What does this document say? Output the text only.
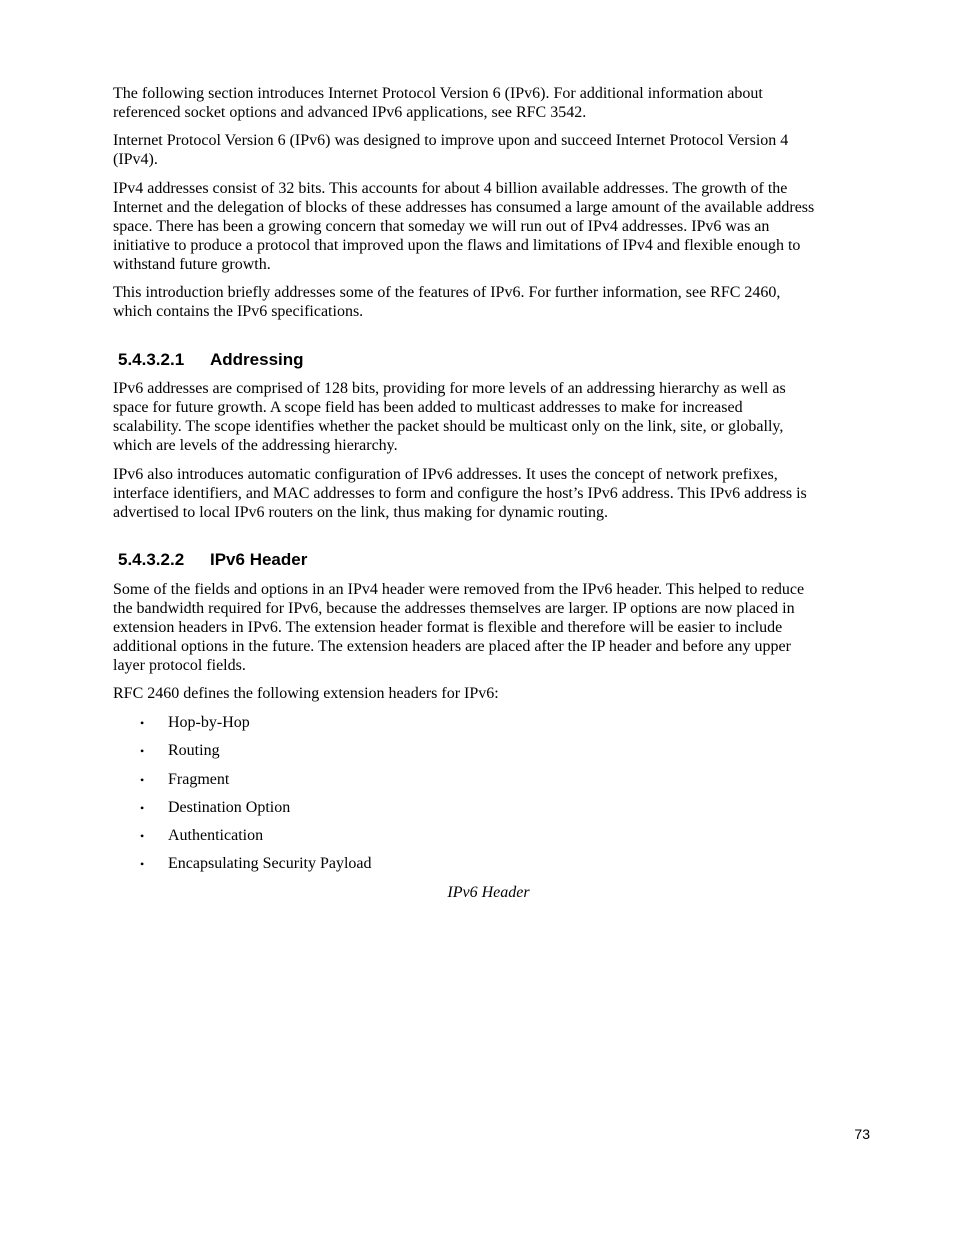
The following section introduces Internet Protocol Version 6 (IPv6). For additional information about
referenced socket options and advanced IPv6 applications, see RFC 3542.

Internet Protocol Version 6 (IPv6) was designed to improve upon and succeed Internet Protocol Version 4
(IPv4).

IPv4 addresses consist of 32 bits. This accounts for about 4 billion available addresses. The growth of the
Internet and the delegation of blocks of these addresses has consumed a large amount of the available address
space. There has been a growing concern that someday we will run out of IPv4 addresses. IPv6 was an
initiative to produce a protocol that improved upon the flaws and limitations of IPv4 and flexible enough to
withstand future growth.

This introduction briefly addresses some of the features of IPv6. For further information, see RFC 2460,
which contains the IPv6 specifications.

5.4.3.2.1 Addressing

IPv6 addresses are comprised of 128 bits, providing for more levels of an addressing hierarchy as well as
space for future growth. A scope field has been added to multicast addresses to make for increased
scalability. The scope identifies whether the packet should be multicast only on the link, site, or globally,
which are levels of the addressing hierarchy.

IPv6 also introduces automatic configuration of IPv6 addresses. It uses the concept of network prefixes,
interface identifiers, and MAC addresses to form and configure the host’s IPv6 address. This IPv6 address is
advertised to local IPv6 routers on the link, thus making for dynamic routing.

5.4.3.2.2 IPv6 Header

Some of the fields and options in an IPv4 header were removed from the IPv6 header. This helped to reduce
the bandwidth required for IPv6, because the addresses themselves are larger. IP options are now placed in
extension headers in IPv6. The extension header format is flexible and therefore will be easier to include
additional options in the future. The extension headers are placed after the IP header and before any upper
layer protocol fields.

RFC 2460 defines the following extension headers for IPv6:

• Hop-by-Hop
• Routing
• Fragment
• Destination Option
• Authentication
• Encapsulating Security Payload
IPv6 Header
73
